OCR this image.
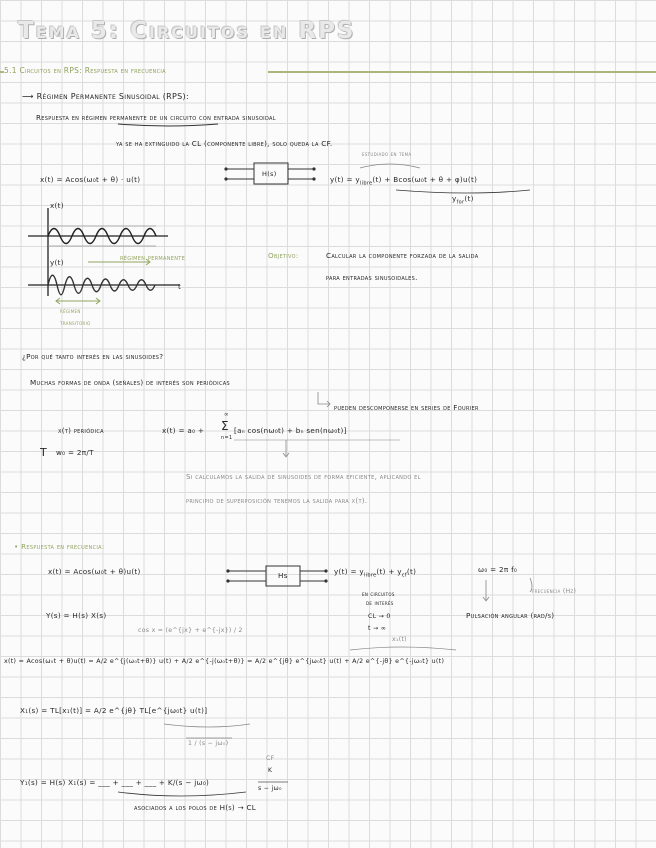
Tema 5: Circuitos en RPS
5.1 Circuitos en RPS: Respuesta en frecuencia
⟶ Régimen Permanente Sinusoidal (RPS):
Respuesta en régimen permanente de un circuito con entrada sinusoidal
ya se ha extinguido la CL (componente libre), solo queda la CF.
estudiado en tema
x(t) = Acos(ω₀t + θ) · u(t)
H(s)
$y(t) = y_{libre}(t) + Bcos(\omega_0t + \theta + \varphi)u(t)$
$y_{for}(t)$
x(t)
y(t)
t
régimen permanente
régimen
transitorio
Objetivo:	Calcular la componente forzada de la salida
para entradas sinusoidales.
¿Por qué tanto interés en las sinusoides?
Muchas formas de onda (señales) de interés son periódicas
pueden descomponerse en series de Fourier
x(t) periódica
T w₀ = 2π/T
x(t) = a₀ +
∞
Σ
n=1
[aₙ cos(nω₀t) + bₙ sen(nω₀t)]
Si calculamos la salida de sinusoides de forma eficiente, aplicando el
principio de superposición tenemos la salida para x(t).
• Respuesta en frecuencia:
x(t) = Acos(ω₀t + θ)u(t)	Hs	$y(t) = y_{libre}(t) + y_{cf}(t)$	ω₀ = 2π f₀
frecuencia (Hz)
Pulsación angular (rad/s)
en circuitos
de interés
CL → 0
t → ∞
Y(s) = H(s) X(s)
cos x = (e^{jx} + e^{-jx}) / 2
x₁(t)
x(t) = Acos(ω₀t + θ)u(t) = A/2 e^{j(ω₀t+θ)} u(t) + A/2 e^{-j(ω₀t+θ)} = A/2 e^{jθ} e^{jω₀t} u(t) + A/2 e^{-jθ} e^{-jω₀t} u(t)
X₁(s) = TL[x₁(t)] = A/2 e^{jθ} TL[e^{jω₀t} u(t)]
1 / (s − jω₀)
Y₁(s) = H(s) X₁(s) = ___ + ___ + ___ + K/(s − jω₀)
CF
K
s − jω₀
asociados a los polos de H(s) → CL
